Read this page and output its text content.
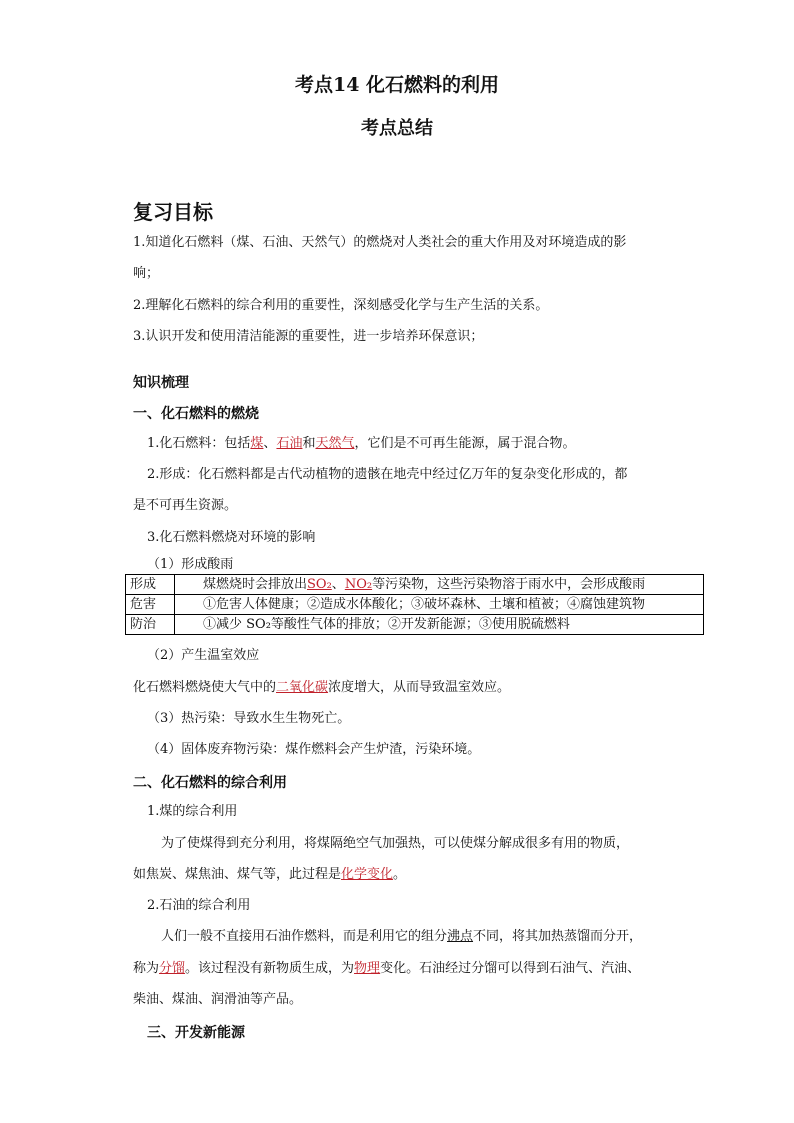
考点14 化石燃料的利用
考点总结
复习目标
1.知道化石燃料（煤、石油、天然气）的燃烧对人类社会的重大作用及对环境造成的影
响；
2.理解化石燃料的综合利用的重要性，深刻感受化学与生产生活的关系。
3.认识开发和使用清洁能源的重要性，进一步培养环保意识；
知识梳理
一、化石燃料的燃烧
1.化石燃料：包括煤、石油和天然气，它们是不可再生能源，属于混合物。
2.形成：化石燃料都是古代动植物的遗骸在地壳中经过亿万年的复杂变化形成的，都
是不可再生资源。
3.化石燃料燃烧对环境的影响
（1）形成酸雨
形成	煤燃烧时会排放出SO₂、NO₂等污染物，这些污染物溶于雨水中，会形成酸雨
危害	①危害人体健康；②造成水体酸化；③破坏森林、土壤和植被；④腐蚀建筑物
防治	①减少 SO₂等酸性气体的排放；②开发新能源；③使用脱硫燃料
（2）产生温室效应
化石燃料燃烧使大气中的二氧化碳浓度增大，从而导致温室效应。
（3）热污染：导致水生生物死亡。
（4）固体废弃物污染：煤作燃料会产生炉渣，污染环境。
二、化石燃料的综合利用
1.煤的综合利用
为了使煤得到充分利用，将煤隔绝空气加强热，可以使煤分解成很多有用的物质，
如焦炭、煤焦油、煤气等，此过程是化学变化。
2.石油的综合利用
人们一般不直接用石油作燃料，而是利用它的组分沸点不同，将其加热蒸馏而分开，
称为分馏。该过程没有新物质生成，为物理变化。石油经过分馏可以得到石油气、汽油、
柴油、煤油、润滑油等产品。
三、开发新能源
